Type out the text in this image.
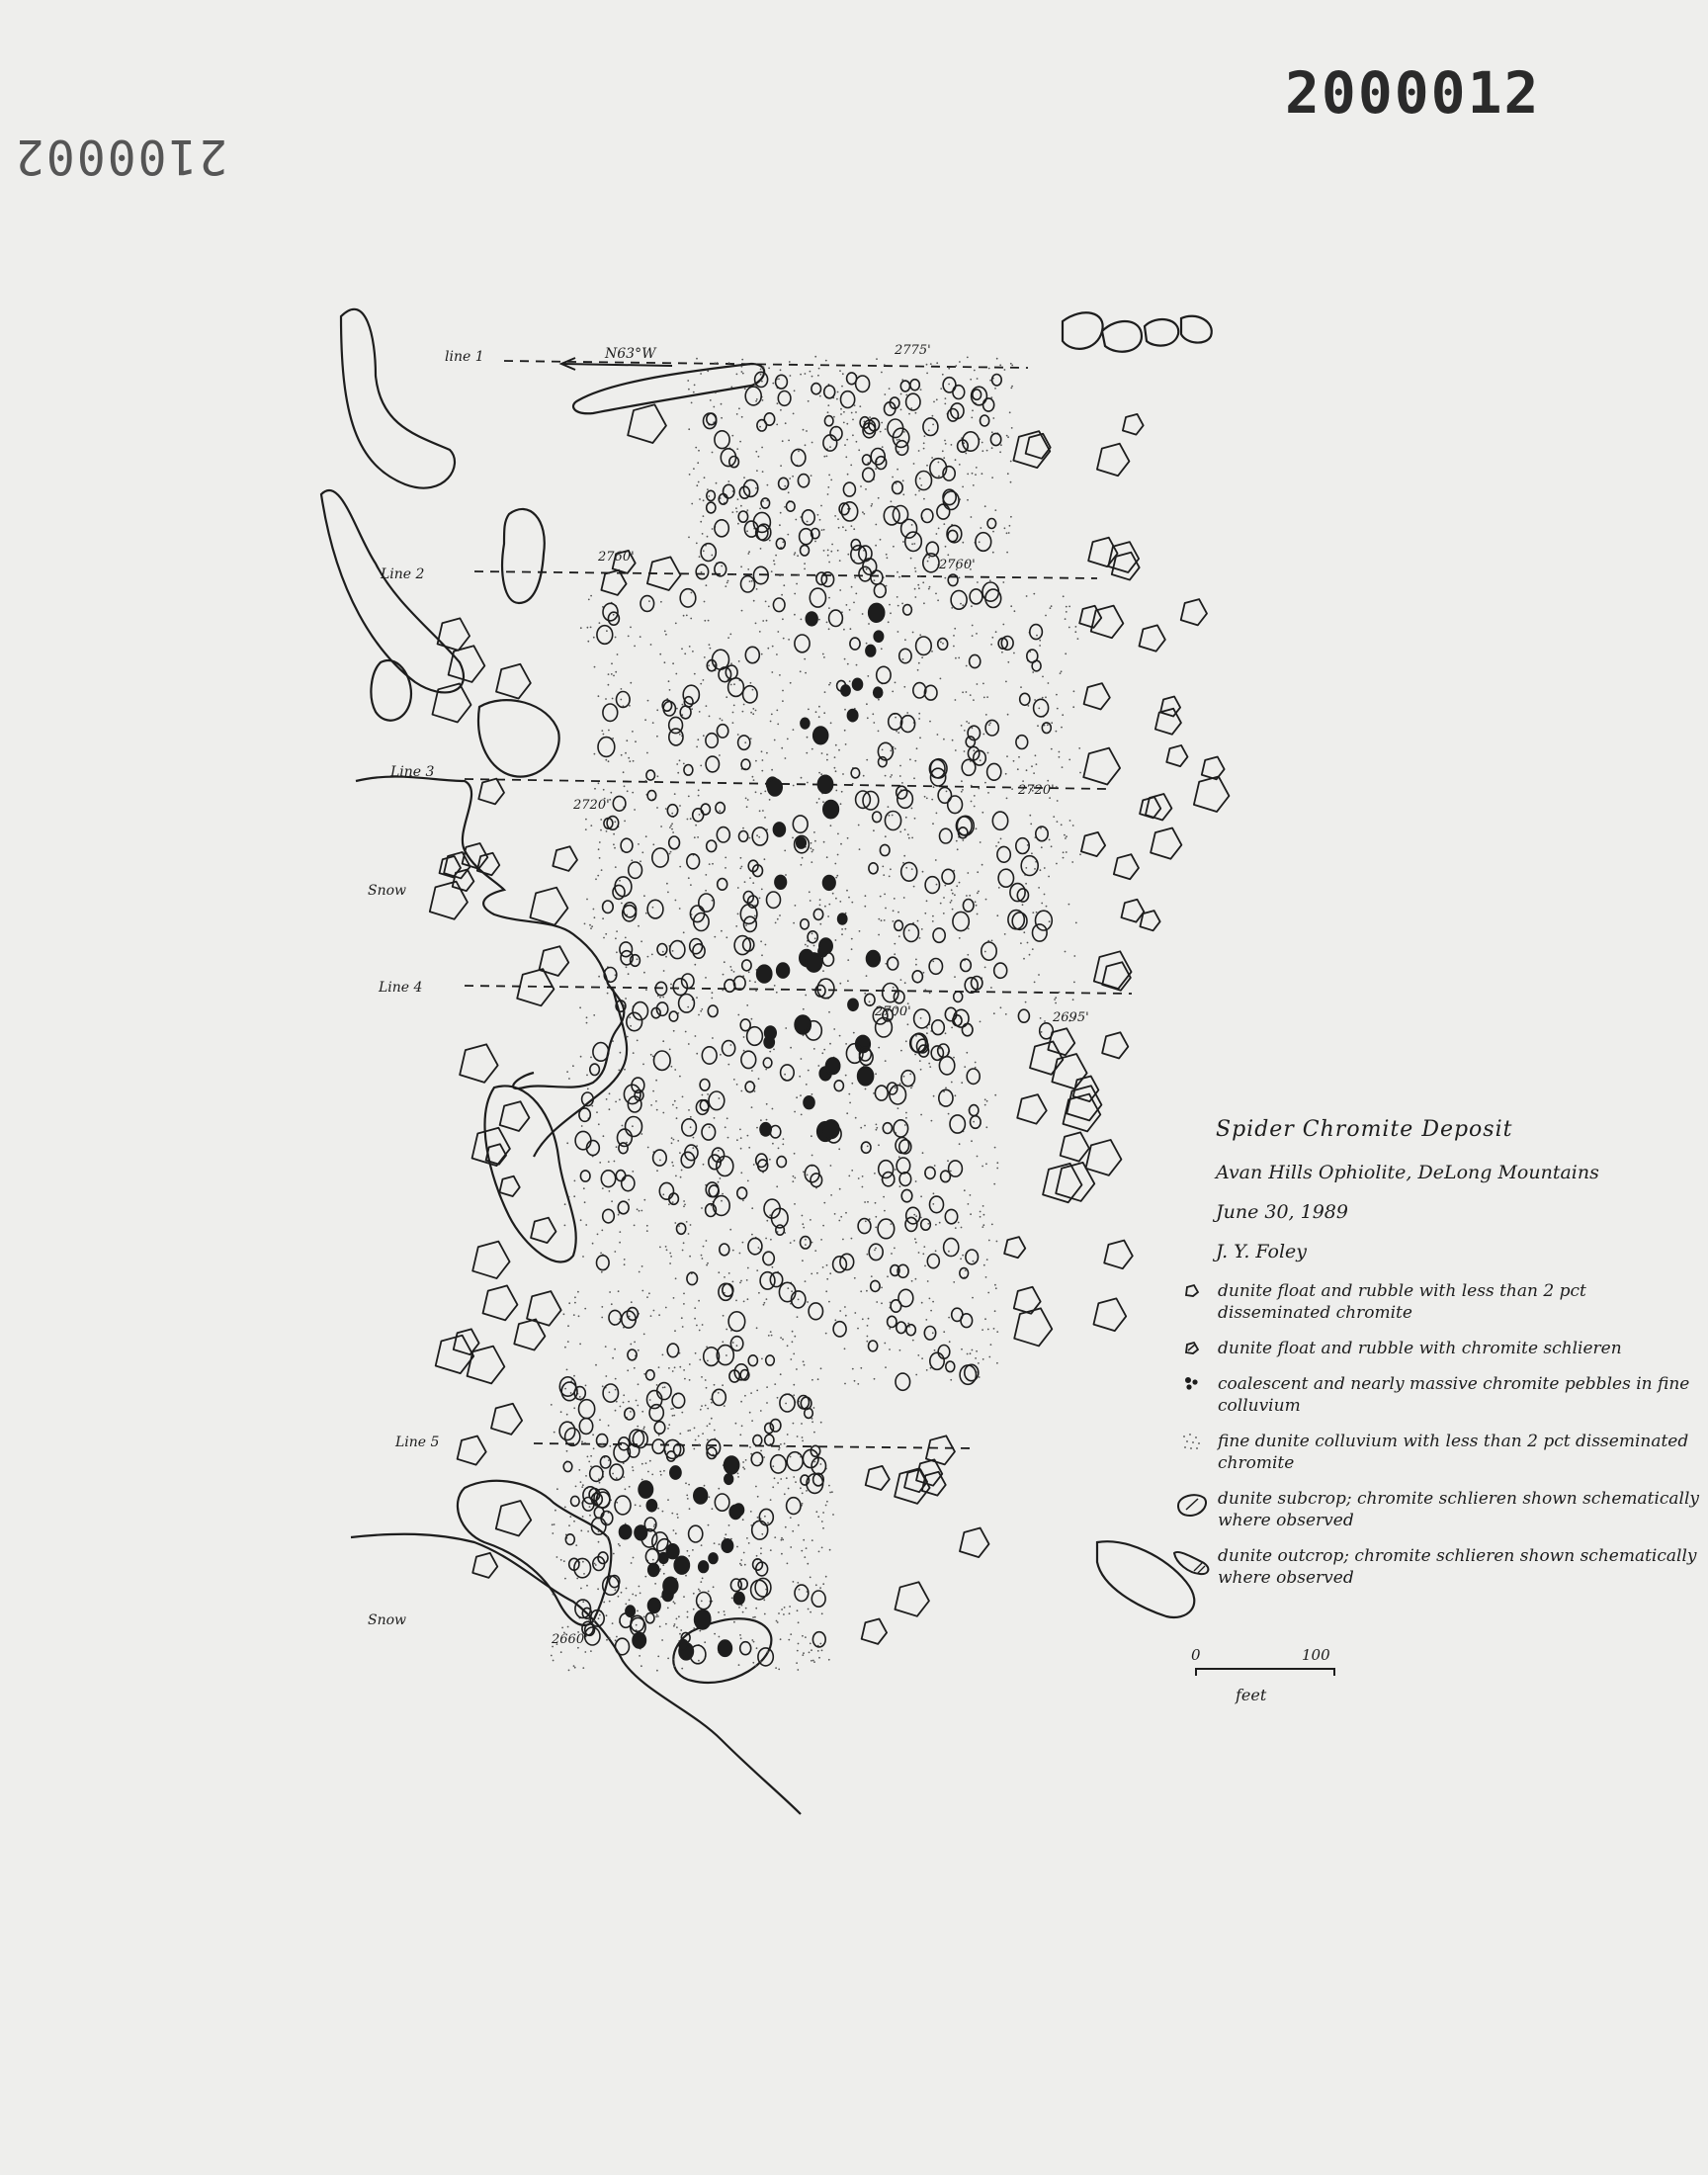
2000012
2100002
line 1	N63°W	2775'
Line 2
2760'
2760'
Line 3
2720'
2720'
Line 4
2700'	2695'
Line 5
2660'
Snow
Snow
Spider Chromite Deposit
Avan Hills Ophiolite, DeLong Mountains
June 30, 1989
J. Y. Foley
dunite float and rubble with less than 2 pct disseminated chromite
dunite float and rubble with chromite schlieren
coalescent and nearly massive chromite pebbles in fine colluvium
fine dunite colluvium with less than 2 pct disseminated chromite
dunite subcrop; chromite schlieren shown schematically where observed
dunite outcrop; chromite schlieren shown schematically where observed
0	100
feet
